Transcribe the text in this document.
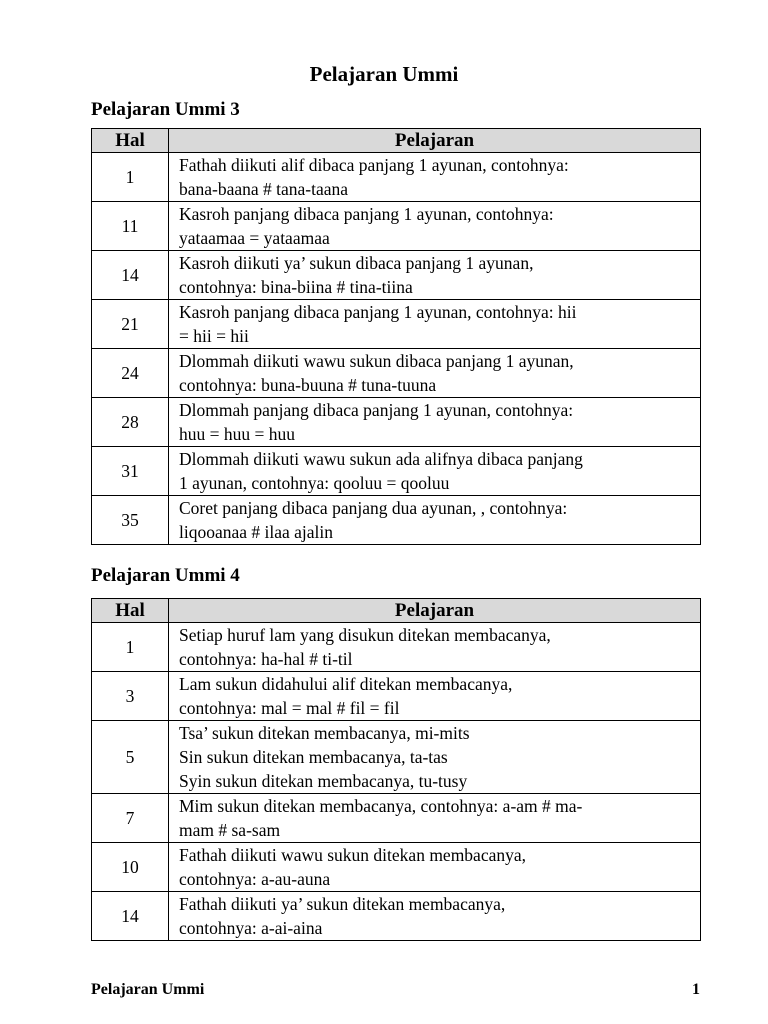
Pelajaran Ummi
Pelajaran Ummi 3
Hal	Pelajaran
1	Fathah diikuti alif dibaca panjang 1 ayunan, contohnya:
bana-baana # tana-taana
11	Kasroh panjang dibaca panjang 1 ayunan, contohnya:
yataamaa = yataamaa
14	Kasroh diikuti ya’ sukun dibaca panjang 1 ayunan,
contohnya: bina-biina # tina-tiina
21	Kasroh panjang dibaca panjang 1 ayunan, contohnya: hii
= hii = hii
24	Dlommah diikuti wawu sukun dibaca panjang 1 ayunan,
contohnya: buna-buuna # tuna-tuuna
28	Dlommah panjang dibaca panjang 1 ayunan, contohnya:
huu = huu = huu
31	Dlommah diikuti wawu sukun ada alifnya dibaca panjang
1 ayunan, contohnya: qooluu = qooluu
35	Coret panjang dibaca panjang dua ayunan, , contohnya:
liqooanaa # ilaa ajalin
Pelajaran Ummi 4
Hal	Pelajaran
1	Setiap huruf lam yang disukun ditekan membacanya,
contohnya: ha-hal # ti-til
3	Lam sukun didahului alif ditekan membacanya,
contohnya: mal = mal # fil = fil
5	Tsa’ sukun ditekan membacanya, mi-mits
Sin sukun ditekan membacanya, ta-tas
Syin sukun ditekan membacanya, tu-tusy
7	Mim sukun ditekan membacanya, contohnya: a-am # ma-
mam # sa-sam
10	Fathah diikuti wawu sukun ditekan membacanya,
contohnya: a-au-auna
14	Fathah diikuti ya’ sukun ditekan membacanya,
contohnya: a-ai-aina
Pelajaran Ummi	1
